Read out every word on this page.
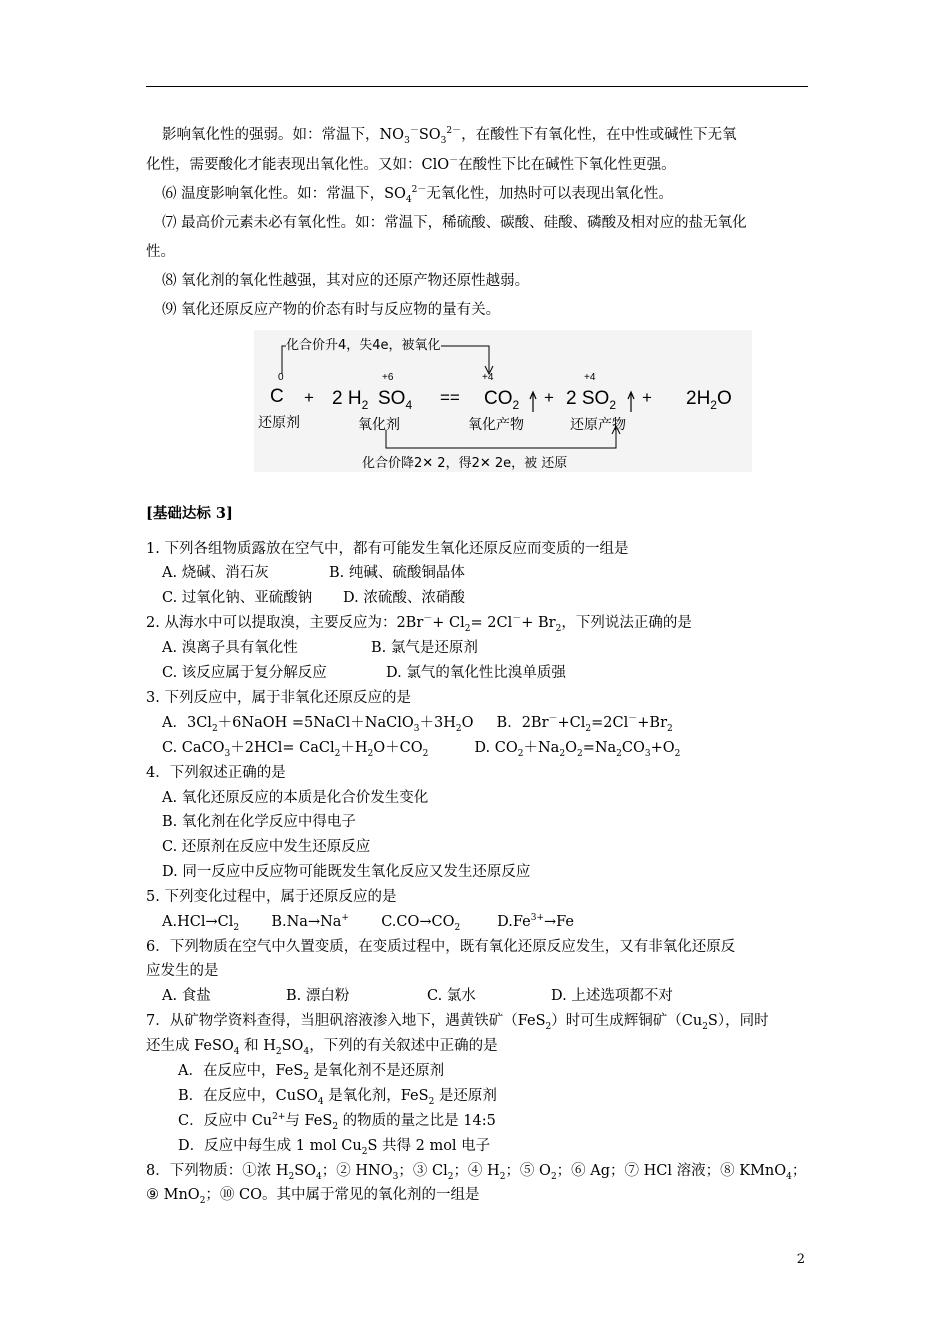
影响氧化性的强弱。如：常温下，$NO_3^-SO_3^{2-}$，在酸性下有氧化性，在中性或碱性下无氧
化性，需要酸化才能表现出氧化性。又如：ClO－在酸性下比在碱性下氧化性更强。
⑹ 温度影响氧化性。如：常温下，$SO_4^{2-}$无氧化性，加热时可以表现出氧化性。
⑺ 最高价元素未必有氧化性。如：常温下，稀硫酸、碳酸、硅酸、磷酸及相对应的盐无氧化
性。
⑻ 氧化剂的氧化性越强，其对应的还原产物还原性越弱。
⑼ 氧化还原反应产物的价态有时与反应物的量有关。
化合价升4，失4e，被氧化
0
C +
还原剂
2 $H_2$
+6
$SO_4$
氧化剂
==
+4
$CO_2$
氧化产物
+
+4
2 $SO_2$
还原产物
+ $2H_2O$
化合价降2✕ 2，得2✕ 2e，被 还原
[基础达标 3]
1. 下列各组物质露放在空气中，都有可能发生氧化还原反应而变质的一组是
A. 烧碱、消石灰	B. 纯碱、硫酸铜晶体
C. 过氧化钠、亚硫酸钠 D. 浓硫酸、浓硝酸
2. 从海水中可以提取溴，主要反应为：$2Br^-+ Cl_2= 2Cl^-+ Br_2$，下列说法正确的是
A. 溴离子具有氧化性	B. 氯气是还原剂
C. 该反应属于复分解反应	D. 氯气的氧化性比溴单质强
3. 下列反应中，属于非氧化还原反应的是
A．$3Cl_2+6NaOH$ $=5NaCl+NaClO_3+3H_2O$     B．$2Br^-+Cl_2=2Cl^-+Br_2$
C. CaCO$_3$＋2HCl= $CaCl_2+H_2O+CO_2$          D. $CO_2+Na_2O_2=Na_2CO_3+O_2$
4．下列叙述正确的是
A. 氧化还原反应的本质是化合价发生变化
B. 氧化剂在化学反应中得电子
C. 还原剂在反应中发生还原反应
D. 同一反应中反应物可能既发生氧化反应又发生还原反应
5. 下列变化过程中，属于还原反应的是
$A.HCl\to Cl_2$       B.Na→Na+       $C.CO\to CO_2$        $D.Fe^{3+}\to Fe$
6．下列物质在空气中久置变质，在变质过程中，既有氧化还原反应发生，又有非氧化还原反
应发生的是
A. 食盐	B. 漂白粉	C. 氯水	D. 上述选项都不对
7．从矿物学资料查得，当胆矾溶液渗入地下，遇黄铁矿（FeS$_2$）时可生成辉铜矿$(Cu_2S)$，同时
还生成 FeSO$_4$ 和 $H_2SO_4$，下列的有关叙述中正确的是
A．在反应中，FeS$_2$ 是氧化剂不是还原剂
B．在反应中，CuSO$_4$ 是氧化剂，FeS$_2$ 是还原剂
C．反应中 $Cu^{2+}$与 FeS$_2$ 的物质的量之比是 14:5
D．反应中每生成 1 mol $Cu_2S$ 共得 2 mol 电子
8．下列物质：①浓 $H_2SO_4$；② $HNO_3$；③ $Cl_2$；④ $H_2$；⑤ $O_2$；⑥ Ag；⑦ HCl 溶液；⑧ KMnO$_4$；
⑨ MnO$_2$；⑩ CO。其中属于常见的氧化剂的一组是
2
